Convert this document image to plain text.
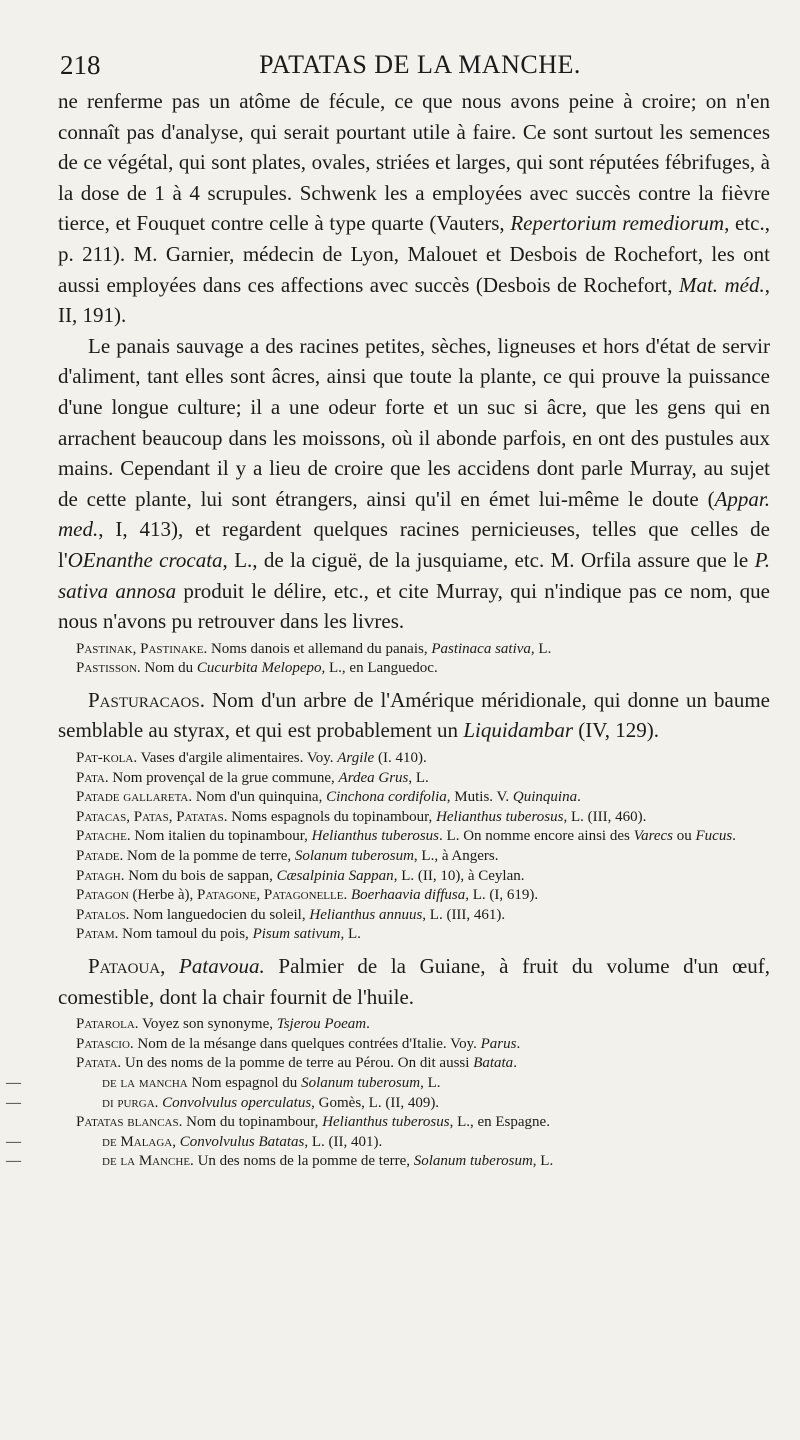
218	PATATAS DE LA MANCHE.

ne renferme pas un atôme de fécule, ce que nous avons peine à croire; on n'en connaît pas d'analyse, qui serait pourtant utile à faire. Ce sont surtout les semences de ce végétal, qui sont plates, ovales, striées et larges, qui sont réputées fébrifuges, à la dose de 1 à 4 scrupules. Schwenk les a employées avec succès contre la fièvre tierce, et Fouquet contre celle à type quarte (Vauters, Repertorium remediorum, etc., p. 211). M. Garnier, médecin de Lyon, Malouet et Desbois de Rochefort, les ont aussi employées dans ces affections avec succès (Desbois de Rochefort, Mat. méd., II, 191).

Le panais sauvage a des racines petites, sèches, ligneuses et hors d'état de servir d'aliment, tant elles sont âcres, ainsi que toute la plante, ce qui prouve la puissance d'une longue culture; il a une odeur forte et un suc si âcre, que les gens qui en arrachent beaucoup dans les moissons, où il abonde parfois, en ont des pustules aux mains. Cependant il y a lieu de croire que les accidens dont parle Murray, au sujet de cette plante, lui sont étrangers, ainsi qu'il en émet lui-même le doute (Appar. med., I, 413), et regardent quelques racines pernicieuses, telles que celles de l'OEnanthe crocata, L., de la ciguë, de la jusquiame, etc. M. Orfila assure que le P. sativa annosa produit le délire, etc., et cite Murray, qui n'indique pas ce nom, que nous n'avons pu retrouver dans les livres.

Pastinak, Pastinake. Noms danois et allemand du panais, Pastinaca sativa, L.

Pastisson. Nom du Cucurbita Melopepo, L., en Languedoc.

Pasturacaos. Nom d'un arbre de l'Amérique méridionale, qui donne un baume semblable au styrax, et qui est probablement un Liquidambar (IV, 129).

Pat-kola. Vases d'argile alimentaires. Voy. Argile (I. 410).

Pata. Nom provençal de la grue commune, Ardea Grus, L.

Patade gallareta. Nom d'un quinquina, Cinchona cordifolia, Mutis. V. Quinquina.

Patacas, Patas, Patatas. Noms espagnols du topinambour, Helianthus tuberosus, L. (III, 460).

Patache. Nom italien du topinambour, Helianthus tuberosus. L. On nomme encore ainsi des Varecs ou Fucus.

Patade. Nom de la pomme de terre, Solanum tuberosum, L., à Angers.

Patagh. Nom du bois de sappan, Cæsalpinia Sappan, L. (II, 10), à Ceylan.

Patagon (Herbe à), Patagone, Patagonelle. Boerhaavia diffusa, L. (I, 619).

Patalos. Nom languedocien du soleil, Helianthus annuus, L. (III, 461).

Patam. Nom tamoul du pois, Pisum sativum, L.

Pataoua, Patavoua. Palmier de la Guiane, à fruit du volume d'un œuf, comestible, dont la chair fournit de l'huile.

Patarola. Voyez son synonyme, Tsjerou Poeam.

Patascio. Nom de la mésange dans quelques contrées d'Italie. Voy. Parus.

Patata. Un des noms de la pomme de terre au Pérou. On dit aussi Batata.

—	de la mancha Nom espagnol du Solanum tuberosum, L.

—	di purga. Convolvulus operculatus, Gomès, L. (II, 409).

Patatas blancas. Nom du topinambour, Helianthus tuberosus, L., en Espagne.

—	de Malaga, Convolvulus Batatas, L. (II, 401).

—	de la Manche. Un des noms de la pomme de terre, Solanum tuberosum, L.
